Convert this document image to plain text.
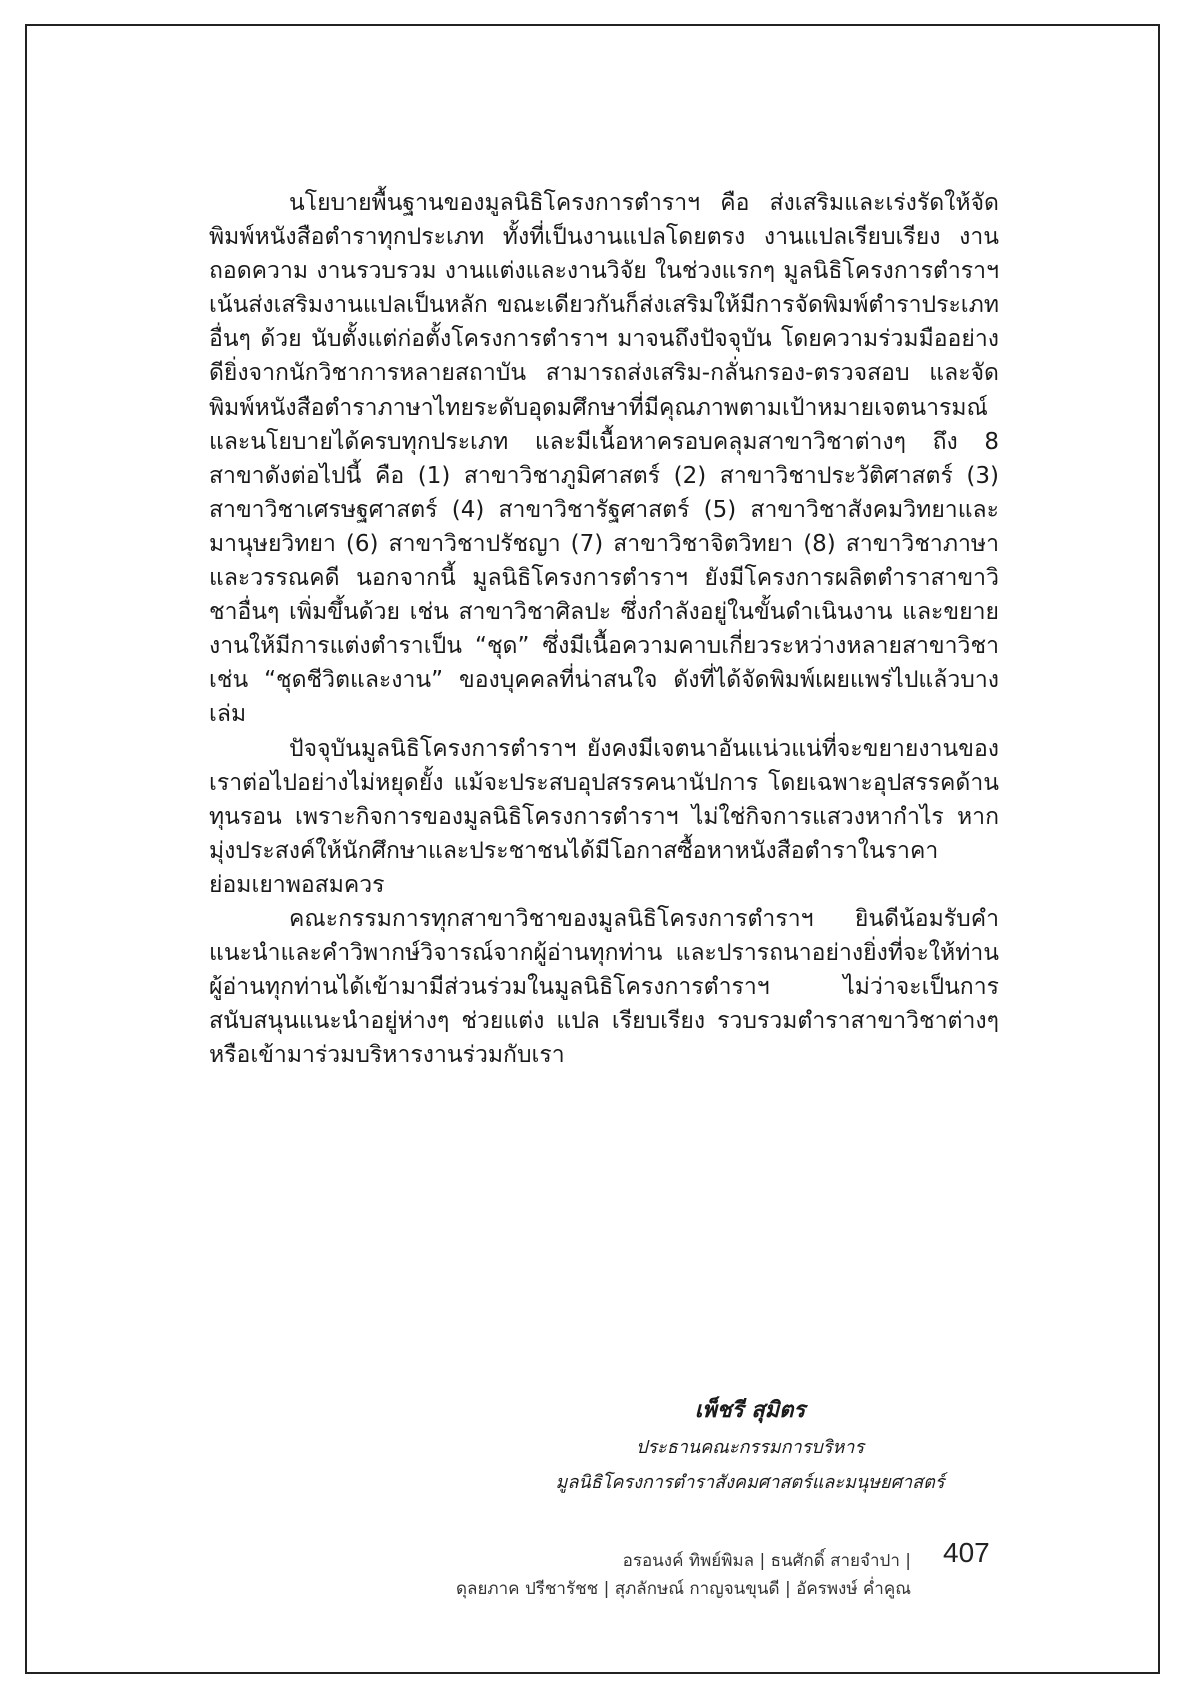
นโยบายพื้นฐานของมูลนิธิโครงการตำราฯ คือ ส่งเสริมและเร่งรัดให้จัดพิมพ์หนังสือตำราทุกประเภท ทั้งที่เป็นงานแปลโดยตรง งานแปลเรียบเรียง งานถอดความ งานรวบรวม งานแต่งและงานวิจัย ในช่วงแรกๆ มูลนิธิโครงการตำราฯ เน้นส่งเสริมงานแปลเป็นหลัก ขณะเดียวกันก็ส่งเสริมให้มีการจัดพิมพ์ตำราประเภทอื่นๆ ด้วย นับตั้งแต่ก่อตั้งโครงการตำราฯ มาจนถึงปัจจุบัน โดยความร่วมมืออย่างดียิ่งจากนักวิชาการหลายสถาบัน สามารถส่งเสริม-กลั่นกรอง-ตรวจสอบ และจัดพิมพ์หนังสือตำราภาษาไทยระดับอุดมศึกษาที่มีคุณภาพตามเป้าหมายเจตนารมณ์และนโยบายได้ครบทุกประเภท และมีเนื้อหาครอบคลุมสาขาวิชาต่างๆ ถึง 8 สาขาดังต่อไปนี้ คือ (1) สาขาวิชาภูมิศาสตร์ (2) สาขาวิชาประวัติศาสตร์ (3) สาขาวิชาเศรษฐศาสตร์ (4) สาขาวิชารัฐศาสตร์ (5) สาขาวิชาสังคมวิทยาและมานุษยวิทยา (6) สาขาวิชาปรัชญา (7) สาขาวิชาจิตวิทยา (8) สาขาวิชาภาษาและวรรณคดี นอกจากนี้ มูลนิธิโครงการตำราฯ ยังมีโครงการผลิตตำราสาขาวิชาอื่นๆ เพิ่มขึ้นด้วย เช่น สาขาวิชาศิลปะ ซึ่งกำลังอยู่ในขั้นดำเนินงาน และขยายงานให้มีการแต่งตำราเป็น “ชุด” ซึ่งมีเนื้อความคาบเกี่ยวระหว่างหลายสาขาวิชา เช่น “ชุดชีวิตและงาน” ของบุคคลที่น่าสนใจ ดังที่ได้จัดพิมพ์เผยแพร่ไปแล้วบางเล่ม

ปัจจุบันมูลนิธิโครงการตำราฯ ยังคงมีเจตนาอันแน่วแน่ที่จะขยายงานของเราต่อไปอย่างไม่หยุดยั้ง แม้จะประสบอุปสรรคนานัปการ โดยเฉพาะอุปสรรคด้านทุนรอน เพราะกิจการของมูลนิธิโครงการตำราฯ ไม่ใช่กิจการแสวงหากำไร หากมุ่งประสงค์ให้นักศึกษาและประชาชนได้มีโอกาสซื้อหาหนังสือตำราในราคาย่อมเยาพอสมควร

คณะกรรมการทุกสาขาวิชาของมูลนิธิโครงการตำราฯ ยินดีน้อมรับคำแนะนำและคำวิพากษ์วิจารณ์จากผู้อ่านทุกท่าน และปรารถนาอย่างยิ่งที่จะให้ท่านผู้อ่านทุกท่านได้เข้ามามีส่วนร่วมในมูลนิธิโครงการตำราฯ ไม่ว่าจะเป็นการสนับสนุนแนะนำอยู่ห่างๆ ช่วยแต่ง แปล เรียบเรียง รวบรวมตำราสาขาวิชาต่างๆ หรือเข้ามาร่วมบริหารงานร่วมกับเรา

เพ็ชรี สุมิตร
ประธานคณะกรรมการบริหาร
มูลนิธิโครงการตำราสังคมศาสตร์และมนุษยศาสตร์
อรอนงค์ ทิพย์พิมล | ธนศักดิ์ สายจำปา |
ดุลยภาค ปรีชารัชช | สุภลักษณ์ กาญจนขุนดี | อัครพงษ์ ค่ำคูณ
407
